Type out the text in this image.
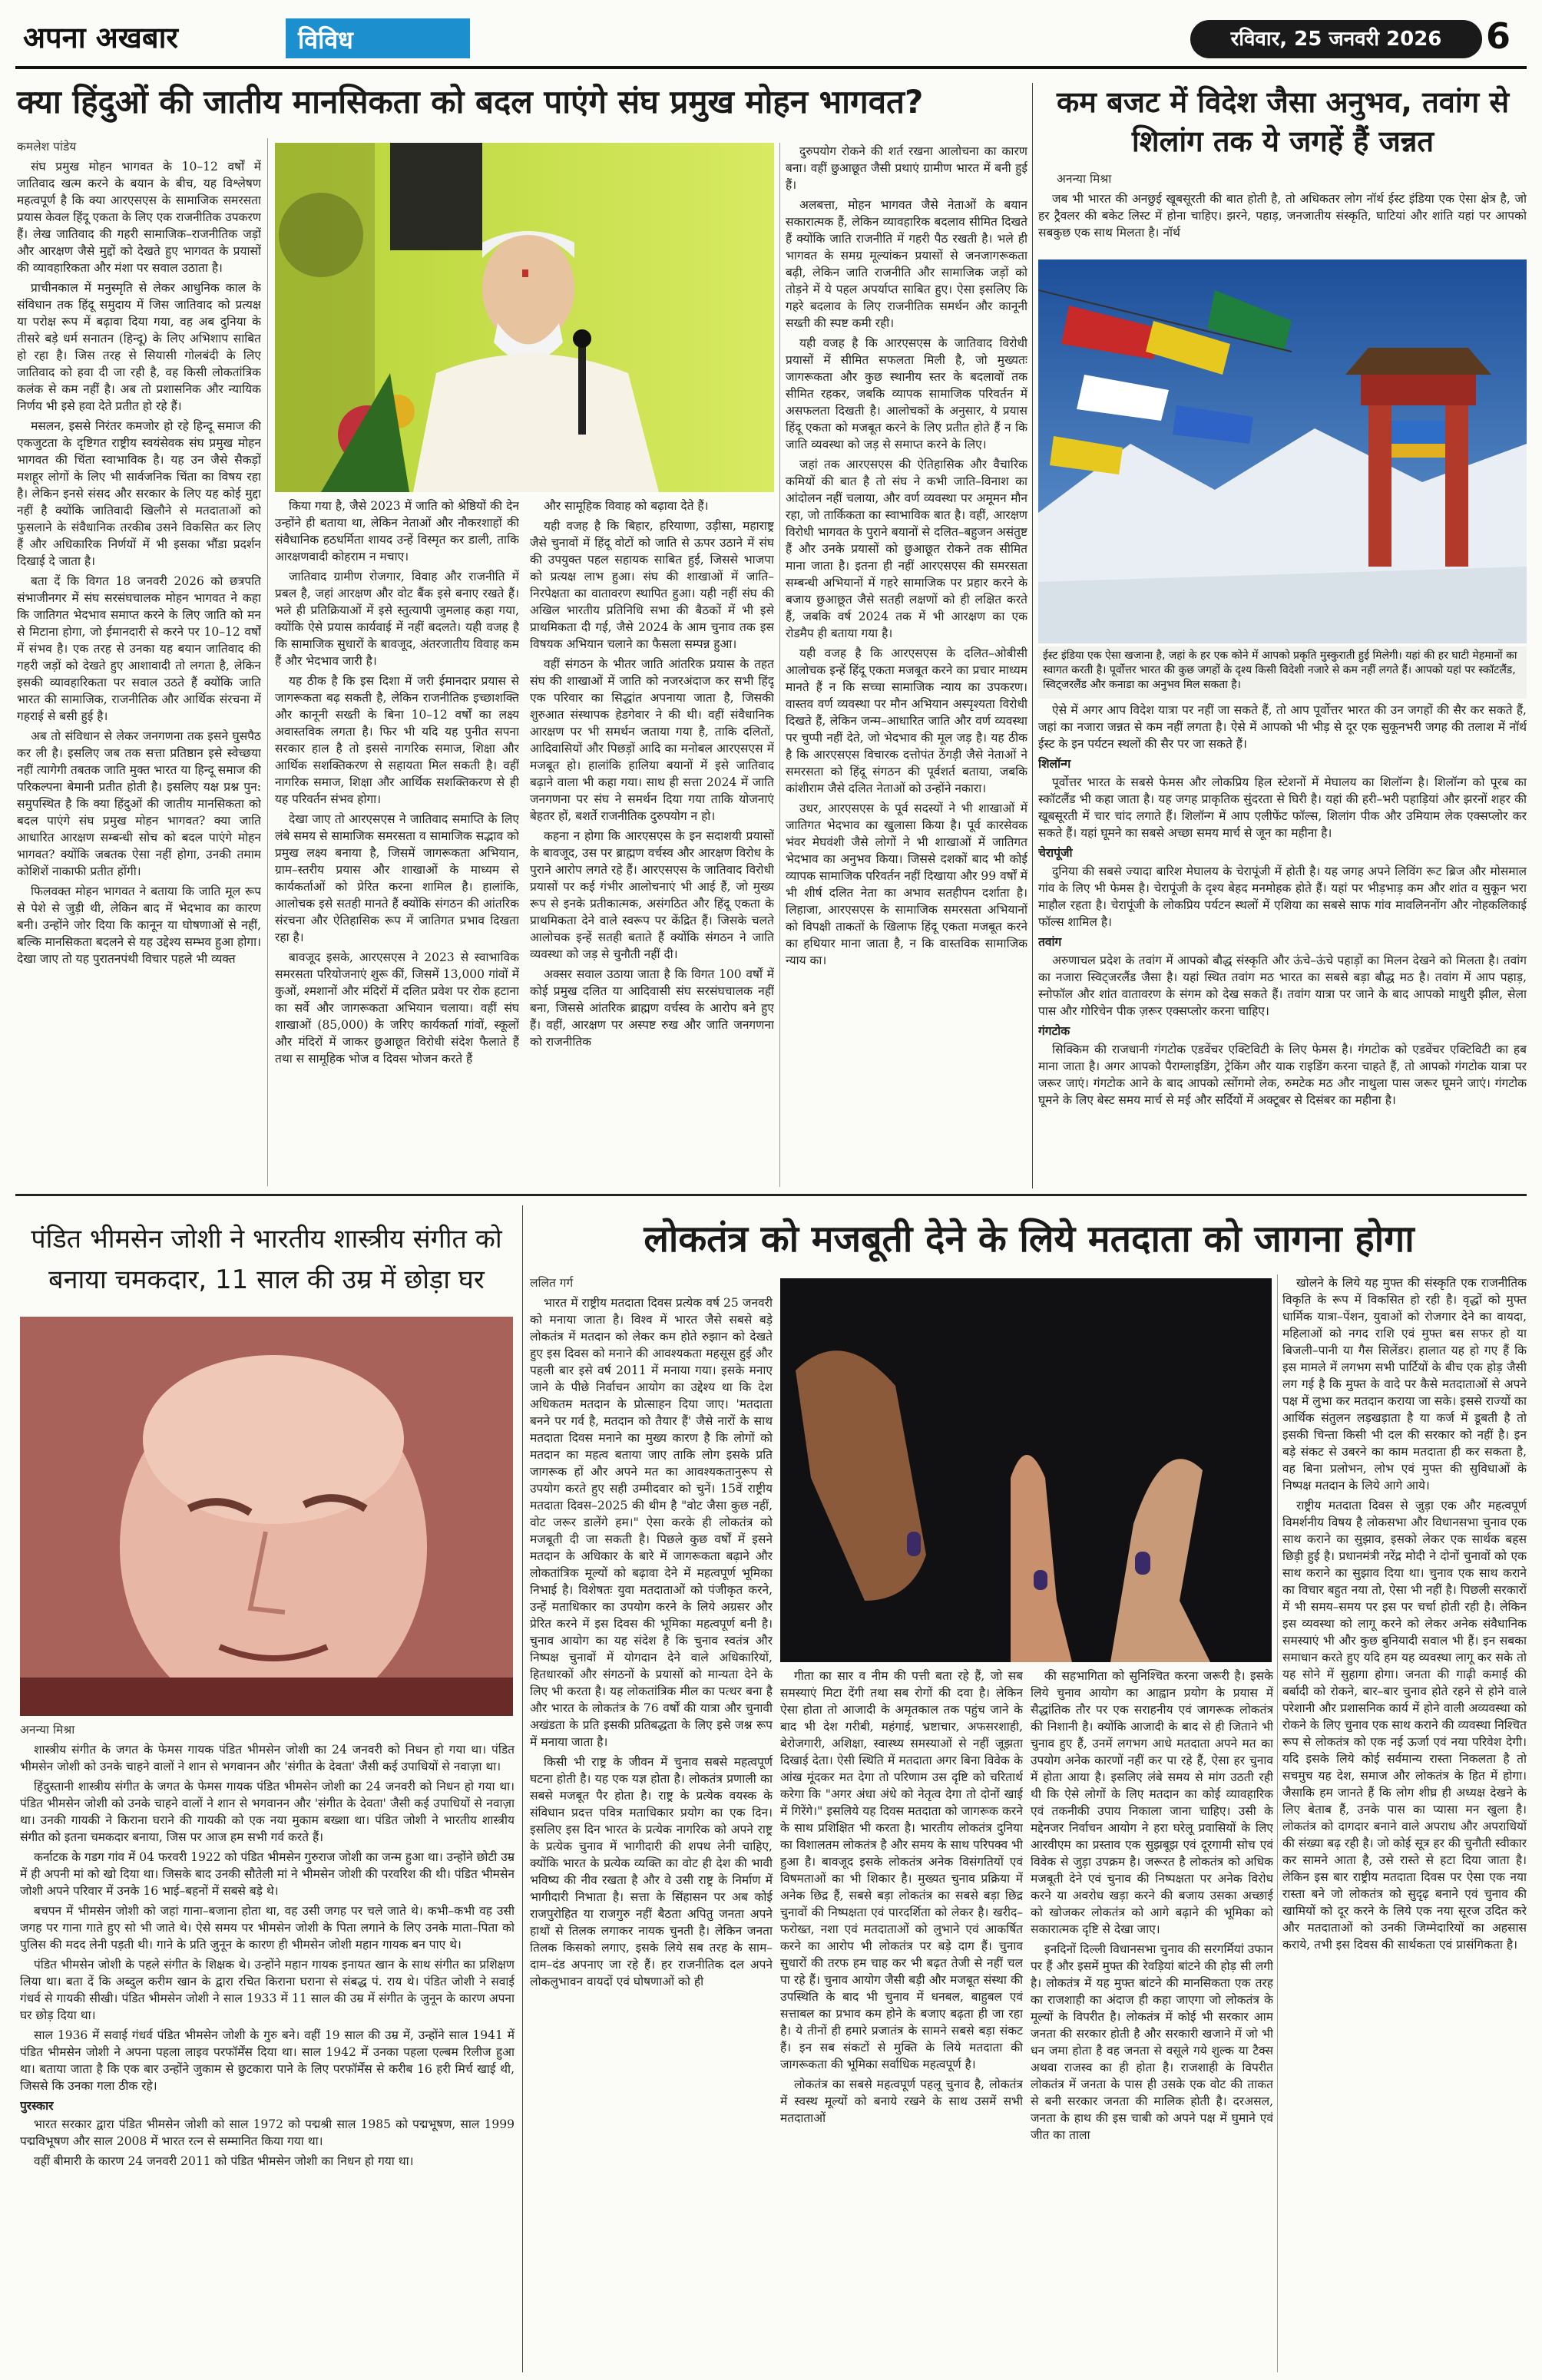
अपना अखबार	विविध	रविवार, 25 जनवरी 2026	6
क्या हिंदुओं की जातीय मानसिकता को बदल पाएंगे संघ प्रमुख मोहन भागवत?
कमलेश पांडेय

संघ प्रमुख मोहन भागवत के 10–12 वर्षों में जातिवाद खत्म करने के बयान के बीच, यह विश्लेषण महत्वपूर्ण है कि क्या आरएसएस के सामाजिक समरसता प्रयास केवल हिंदू एकता के लिए एक राजनीतिक उपकरण हैं। लेख जातिवाद की गहरी सामाजिक–राजनीतिक जड़ों और आरक्षण जैसे मुद्दों को देखते हुए भागवत के प्रयासों की व्यावहारिकता और मंशा पर सवाल उठाता है।

प्राचीनकाल में मनुस्मृति से लेकर आधुनिक काल के संविधान तक हिंदू समुदाय में जिस जातिवाद को प्रत्यक्ष या परोक्ष रूप में बढ़ावा दिया गया, वह अब दुनिया के तीसरे बड़े धर्म सनातन (हिन्दू) के लिए अभिशाप साबित हो रहा है। जिस तरह से सियासी गोलबंदी के लिए जातिवाद को हवा दी जा रही है, वह किसी लोकतांत्रिक कलंक से कम नहीं है। अब तो प्रशासनिक और न्यायिक निर्णय भी इसे हवा देते प्रतीत हो रहे हैं।

मसलन, इससे निरंतर कमजोर हो रहे हिन्दू समाज की एकजुटता के दृष्टिगत राष्ट्रीय स्वयंसेवक संघ प्रमुख मोहन भागवत की चिंता स्वाभाविक है। यह उन जैसे सैकड़ों मशहूर लोगों के लिए भी सार्वजनिक चिंता का विषय रहा है। लेकिन इनसे संसद और सरकार के लिए यह कोई मुद्दा नहीं है क्योंकि जातिवादी खिलौने से मतदाताओं को फुसलाने के संवैधानिक तरकीब उसने विकसित कर लिए हैं और अधिकारिक निर्णयों में भी इसका भौंडा प्रदर्शन दिखाई दे जाता है।

बता दें कि विगत 18 जनवरी 2026 को छत्रपति संभाजीनगर में संघ सरसंघचालक मोहन भागवत ने कहा कि जातिगत भेदभाव समाप्त करने के लिए जाति को मन से मिटाना होगा, जो ईमानदारी से करने पर 10–12 वर्षों में संभव है। एक तरह से उनका यह बयान जातिवाद की गहरी जड़ों को देखते हुए आशावादी तो लगता है, लेकिन इसकी व्यावहारिकता पर सवाल उठते हैं क्योंकि जाति भारत की सामाजिक, राजनीतिक और आर्थिक संरचना में गहराई से बसी हुई है।

अब तो संविधान से लेकर जनगणना तक इसने घुसपैठ कर ली है। इसलिए जब तक सत्ता प्रतिष्ठान इसे स्वेच्छया नहीं त्यागेगी तबतक जाति मुक्त भारत या हिन्दू समाज की परिकल्पना बेमानी प्रतीत होती है। इसलिए यक्ष प्रश्न पुन: समुपस्थित है कि क्या हिंदुओं की जातीय मानसिकता को बदल पाएंगे संघ प्रमुख मोहन भागवत? क्या जाति आधारित आरक्षण सम्बन्धी सोच को बदल पाएंगे मोहन भागवत? क्योंकि जबतक ऐसा नहीं होगा, उनकी तमाम कोशिशें नाकाफी प्रतीत होंगी।

फिलवक्त मोहन भागवत ने बताया कि जाति मूल रूप से पेशे से जुड़ी थी, लेकिन बाद में भेदभाव का कारण बनी। उन्होंने जोर दिया कि कानून या घोषणाओं से नहीं, बल्कि मानसिकता बदलने से यह उद्देश्य सम्भव हुआ होगा। देखा जाए तो यह पुरातनपंथी विचार पहले भी व्यक्त

किया गया है, जैसे 2023 में जाति को श्रेष्ठियों की देन उन्होंने ही बताया था, लेकिन नेताओं और नौकरशाहों की संवैधानिक हठधर्मिता शायद उन्हें विस्मृत कर डाली, ताकि आरक्षणवादी कोहराम न मचाए।

जातिवाद ग्रामीण रोजगार, विवाह और राजनीति में प्रबल है, जहां आरक्षण और वोट बैंक इसे बनाए रखते हैं। भले ही प्रतिक्रियाओं में इसे स्तुत्यापी जुमलाह कहा गया, क्योंकि ऐसे प्रयास कार्यवाई में नहीं बदलते। यही वजह है कि सामाजिक सुधारों के बावजूद, अंतरजातीय विवाह कम हैं और भेदभाव जारी है।

यह ठीक है कि इस दिशा में जरी ईमानदार प्रयास से जागरूकता बढ़ सकती है, लेकिन राजनीतिक इच्छाशक्ति और कानूनी सख्ती के बिना 10–12 वर्षों का लक्ष्य अवास्तविक लगता है। फिर भी यदि यह पुनीत सपना सरकार हाल है तो इससे नागरिक समाज, शिक्षा और आर्थिक सशक्तिकरण से सहायता मिल सकती है। वहीं नागरिक समाज, शिक्षा और आर्थिक सशक्तिकरण से ही यह परिवर्तन संभव होगा।

देखा जाए तो आरएसएस ने जातिवाद समाप्ति के लिए लंबे समय से सामाजिक समरसता व सामाजिक सद्भाव को प्रमुख लक्ष्य बनाया है, जिसमें जागरूकता अभियान, ग्राम–स्तरीय प्रयास और शाखाओं के माध्यम से कार्यकर्ताओं को प्रेरित करना शामिल है। हालांकि, आलोचक इसे सतही मानते हैं क्योंकि संगठन की आंतरिक संरचना और ऐतिहासिक रूप में जातिगत प्रभाव दिखता रहा है।

बावजूद इसके, आरएसएस ने 2023 से स्वाभाविक समरसता परियोजनाएं शुरू कीं, जिसमें 13,000 गांवों में कुओं, श्मशानों और मंदिरों में दलित प्रवेश पर रोक हटाना का सर्वे और जागरूकता अभियान चलाया। वहीं संघ शाखाओं (85,000) के जरिए कार्यकर्ता गांवों, स्कूलों और मंदिरों में जाकर छुआछूत विरोधी संदेश फैलाते हैं तथा स सामूहिक भोज व दिवस भोजन करते हैं

और सामूहिक विवाह को बढ़ावा देते हैं।

यही वजह है कि बिहार, हरियाणा, उड़ीसा, महाराष्ट्र जैसे चुनावों में हिंदू वोटों को जाति से ऊपर उठाने में संघ की उपयुक्त पहल सहायक साबित हुई, जिससे भाजपा को प्रत्यक्ष लाभ हुआ। संघ की शाखाओं में जाति–निरपेक्षता का वातावरण स्थापित हुआ। यही नहीं संघ की अखिल भारतीय प्रतिनिधि सभा की बैठकों में भी इसे प्राथमिकता दी गई, जैसे 2024 के आम चुनाव तक इस विषयक अभियान चलाने का फैसला सम्पन्न हुआ।

वहीं संगठन के भीतर जाति आंतरिक प्रयास के तहत संघ की शाखाओं में जाति को नजरअंदाज कर सभी हिंदू एक परिवार का सिद्धांत अपनाया जाता है, जिसकी शुरुआत संस्थापक हेडगेवार ने की थी। वहीं संवैधानिक आरक्षण पर भी समर्थन जताया गया है, ताकि दलितों, आदिवासियों और पिछड़ों आदि का मनोबल आरएसएस में मजबूत हो। हालांकि हालिया बयानों में इसे जातिवाद बढ़ाने वाला भी कहा गया। साथ ही सत्ता 2024 में जाति जनगणना पर संघ ने समर्थन दिया गया ताकि योजनाएं बेहतर हों, बशर्ते राजनीतिक दुरुपयोग न हो।

कहना न होगा कि आरएसएस के इन सदाशयी प्रयासों के बावजूद, उस पर ब्राह्मण वर्चस्व और आरक्षण विरोध के पुराने आरोप लगते रहे हैं। आरएसएस के जातिवाद विरोधी प्रयासों पर कई गंभीर आलोचनाएं भी आई हैं, जो मुख्य रूप से इनके प्रतीकात्मक, असंगठित और हिंदू एकता के प्राथमिकता देने वाले स्वरूप पर केंद्रित हैं। जिसके चलते आलोचक इन्हें सतही बताते हैं क्योंकि संगठन ने जाति व्यवस्था को जड़ से चुनौती नहीं दी।

अक्सर सवाल उठाया जाता है कि विगत 100 वर्षों में कोई प्रमुख दलित या आदिवासी संघ सरसंघचालक नहीं बना, जिससे आंतरिक ब्राह्मण वर्चस्व के आरोप बने हुए हैं। वहीं, आरक्षण पर अस्पष्ट रुख और जाति जनगणना को राजनीतिक

दुरुपयोग रोकने की शर्त रखना आलोचना का कारण बना। वहीं छुआछूत जैसी प्रथाएं ग्रामीण भारत में बनी हुई हैं।

अलबत्ता, मोहन भागवत जैसे नेताओं के बयान सकारात्मक हैं, लेकिन व्यावहारिक बदलाव सीमित दिखते हैं क्योंकि जाति राजनीति में गहरी पैठ रखती है। भले ही भागवत के समग्र मूल्यांकन प्रयासों से जनजागरूकता बढ़ी, लेकिन जाति राजनीति और सामाजिक जड़ों को तोड़ने में ये पहल अपर्याप्त साबित हुए। ऐसा इसलिए कि गहरे बदलाव के लिए राजनीतिक समर्थन और कानूनी सख्ती की स्पष्ट कमी रही।

यही वजह है कि आरएसएस के जातिवाद विरोधी प्रयासों में सीमित सफलता मिली है, जो मुख्यतः जागरूकता और कुछ स्थानीय स्तर के बदलावों तक सीमित रहकर, जबकि व्यापक सामाजिक परिवर्तन में असफलता दिखती है। आलोचकों के अनुसार, ये प्रयास हिंदू एकता को मजबूत करने के लिए प्रतीत होते हैं न कि जाति व्यवस्था को जड़ से समाप्त करने के लिए।

जहां तक आरएसएस की ऐतिहासिक और वैचारिक कमियों की बात है तो संघ ने कभी जाति–विनाश का आंदोलन नहीं चलाया, और वर्ण व्यवस्था पर अमूमन मौन रहा, जो तार्किकता का स्वाभाविक बात है। वहीं, आरक्षण विरोधी भागवत के पुराने बयानों से दलित–बहुजन असंतुष्ट हैं और उनके प्रयासों को छुआछूत रोकने तक सीमित माना जाता है। इतना ही नहीं आरएसएस की समरसता सम्बन्धी अभियानों में गहरे सामाजिक पर प्रहार करने के बजाय छुआछूत जैसे सतही लक्षणों को ही लक्षित करते हैं, जबकि वर्ष 2024 तक में भी आरक्षण का एक रोडमैप ही बताया गया है।

यही वजह है कि आरएसएस के दलित–ओबीसी आलोचक इन्हें हिंदू एकता मजबूत करने का प्रचार माध्यम मानते हैं न कि सच्चा सामाजिक न्याय का उपकरण। वास्तव वर्ण व्यवस्था पर मौन अभियान अस्पृश्यता विरोधी दिखते हैं, लेकिन जन्म–आधारित जाति और वर्ण व्यवस्था पर चुप्पी नहीं देते, जो भेदभाव की मूल जड़ है। यह ठीक है कि आरएसएस विचारक दत्तोपंत ठेंगड़ी जैसे नेताओं ने समरसता को हिंदू संगठन की पूर्वशर्त बताया, जबकि कांशीराम जैसे दलित नेताओं को उन्होंने नकारा।

उधर, आरएसएस के पूर्व सदस्यों ने भी शाखाओं में जातिगत भेदभाव का खुलासा किया है। पूर्व कारसेवक भंवर मेघवंशी जैसे लोगों ने भी शाखाओं में जातिगत भेदभाव का अनुभव किया। जिससे दशकों बाद भी कोई व्यापक सामाजिक परिवर्तन नहीं दिखाया और 99 वर्षों में भी शीर्ष दलित नेता का अभाव सतहीपन दर्शाता है। लिहाजा, आरएसएस के सामाजिक समरसता अभियानों को विपक्षी ताकतों के खिलाफ हिंदू एकता मजबूत करने का हथियार माना जाता है, न कि वास्तविक सामाजिक न्याय का।

कम बजट में विदेश जैसा अनुभव, तवांग से शिलांग तक ये जगहें हैं जन्नत
अनन्या मिश्रा

जब भी भारत की अनछुई खूबसूरती की बात होती है, तो अधिकतर लोग नॉर्थ ईस्ट इंडिया एक ऐसा क्षेत्र है, जो हर ट्रैवलर की बकेट लिस्ट में होना चाहिए। झरने, पहाड़, जनजातीय संस्कृति, घाटियां और शांति यहां पर आपको सबकुछ एक साथ मिलता है। नॉर्थ

ईस्ट इंडिया एक ऐसा खजाना है, जहां के हर एक कोने में आपको प्रकृति मुस्कुराती हुई मिलेगी। यहां की हर घाटी मेहमानों का स्वागत करती है। पूर्वोत्तर भारत की कुछ जगहों के दृश्य किसी विदेशी नजारे से कम नहीं लगते हैं। आपको यहां पर स्कॉटलैंड, स्विट्जरलैंड और कनाडा का अनुभव मिल सकता है।

ऐसे में अगर आप विदेश यात्रा पर नहीं जा सकते हैं, तो आप पूर्वोत्तर भारत की उन जगहों की सैर कर सकते हैं, जहां का नजारा जन्नत से कम नहीं लगता है। ऐसे में आपको भी भीड़ से दूर एक सुकूनभरी जगह की तलाश में नॉर्थ ईस्ट के इन पर्यटन स्थलों की सैर पर जा सकते हैं।

शिलॉन्ग

पूर्वोत्तर भारत के सबसे फेमस और लोकप्रिय हिल स्टेशनों में मेघालय का शिलॉन्ग है। शिलॉन्ग को पूरब का स्कॉटलैंड भी कहा जाता है। यह जगह प्राकृतिक सुंदरता से घिरी है। यहां की हरी–भरी पहाड़ियां और झरनों शहर की खूबसूरती में चार चांद लगाते हैं। शिलॉन्ग में आप एलीफेंट फॉल्स, शिलांग पीक और उमियाम लेक एक्सप्लोर कर सकते हैं। यहां घूमने का सबसे अच्छा समय मार्च से जून का महीना है।

चेरापूंजी

दुनिया की सबसे ज्यादा बारिश मेघालय के चेरापूंजी में होती है। यह जगह अपने लिविंग रूट ब्रिज और मोसमाल गांव के लिए भी फेमस है। चेरापूंजी के दृश्य बेहद मनमोहक होते हैं। यहां पर भीड़भाड़ कम और शांत व सुकून भरा माहौल रहता है। चेरापूंजी के लोकप्रिय पर्यटन स्थलों में एशिया का सबसे साफ गांव मावलिननोंग और नोहकलिकाई फॉल्स शामिल है।

तवांग

अरुणाचल प्रदेश के तवांग में आपको बौद्ध संस्कृति और ऊंचे–ऊंचे पहाड़ों का मिलन देखने को मिलता है। तवांग का नजारा स्विट्जरलैंड जैसा है। यहां स्थित तवांग मठ भारत का सबसे बड़ा बौद्ध मठ है। तवांग में आप पहाड़, स्नोफॉल और शांत वातावरण के संगम को देख सकते हैं। तवांग यात्रा पर जाने के बाद आपको माधुरी झील, सेला पास और गोरिचेन पीक ज़रूर एक्सप्लोर करना चाहिए।

गंगटोक

सिक्किम की राजधानी गंगटोक एडवेंचर एक्टिविटी के लिए फेमस है। गंगटोक को एडवेंचर एक्टिविटी का हब माना जाता है। अगर आपको पैराग्लाइडिंग, ट्रेकिंग और याक राइडिंग करना चाहते हैं, तो आपको गंगटोक यात्रा पर जरूर जाएं। गंगटोक आने के बाद आपको त्सोंगमो लेक, रुमटेक मठ और नाथुला पास जरूर घूमने जाएं। गंगटोक घूमने के लिए बेस्ट समय मार्च से मई और सर्दियों में अक्टूबर से दिसंबर का महीना है।

पंडित भीमसेन जोशी ने भारतीय शास्त्रीय संगीत को बनाया चमकदार, 11 साल की उम्र में छोड़ा घर
अनन्या मिश्रा

शास्त्रीय संगीत के जगत के फेमस गायक पंडित भीमसेन जोशी का 24 जनवरी को निधन हो गया था। पंडित भीमसेन जोशी को उनके चाहने वालों ने शान से भगवानन और 'संगीत के देवता' जैसी कई उपाधियों से नवाज़ा था।

हिंदुस्तानी शास्त्रीय संगीत के जगत के फेमस गायक पंडित भीमसेन जोशी का 24 जनवरी को निधन हो गया था। पंडित भीमसेन जोशी को उनके चाहने वालों ने शान से भगवानन और 'संगीत के देवता' जैसी कई उपाधियों से नवाज़ा था। उनकी गायकी ने किराना घराने की गायकी को एक नया मुकाम बख्शा था। पंडित जोशी ने भारतीय शास्त्रीय संगीत को इतना चमकदार बनाया, जिस पर आज हम सभी गर्व करते हैं।

कर्नाटक के गडग गांव में 04 फरवरी 1922 को पंडित भीमसेन गुरुराज जोशी का जन्म हुआ था। उन्होंने छोटी उम्र में ही अपनी मां को खो दिया था। जिसके बाद उनकी सौतेली मां ने भीमसेन जोशी की परवरिश की थी। पंडित भीमसेन जोशी अपने परिवार में उनके 16 भाई–बहनों में सबसे बड़े थे।

बचपन में भीमसेन जोशी को जहां गाना–बजाना होता था, वह उसी जगह पर चले जाते थे। कभी–कभी वह उसी जगह पर गाना गाते हुए सो भी जाते थे। ऐसे समय पर भीमसेन जोशी के पिता लगाने के लिए उनके माता–पिता को पुलिस की मदद लेनी पड़ती थी। गाने के प्रति जुनून के कारण ही भीमसेन जोशी महान गायक बन पाए थे।

पंडित भीमसेन जोशी के पहले संगीत के शिक्षक थे। उन्होंने महान गायक इनायत खान के साथ संगीत का प्रशिक्षण लिया था। बता दें कि अब्दुल करीम खान के द्वारा रचित किराना घराना से संबद्ध पं. राय थे। पंडित जोशी ने सवाई गंधर्व से गायकी सीखी। पंडित भीमसेन जोशी ने साल 1933 में 11 साल की उम्र में संगीत के जुनून के कारण अपना घर छोड़ दिया था।

साल 1936 में सवाई गंधर्व पंडित भीमसेन जोशी के गुरु बने। वहीं 19 साल की उम्र में, उन्होंने साल 1941 में पंडित भीमसेन जोशी ने अपना पहला लाइव परफॉर्मेंस दिया था। साल 1942 में उनका पहला एल्बम रिलीज हुआ था। बताया जाता है कि एक बार उन्होंने जुकाम से छुटकारा पाने के लिए परफॉर्मेंस से करीब 16 हरी मिर्च खाई थी, जिससे कि उनका गला ठीक रहे।

पुरस्कार

भारत सरकार द्वारा पंडित भीमसेन जोशी को साल 1972 को पद्मश्री साल 1985 को पद्मभूषण, साल 1999 पद्मविभूषण और साल 2008 में भारत रत्न से सम्मानित किया गया था।

वहीं बीमारी के कारण 24 जनवरी 2011 को पंडित भीमसेन जोशी का निधन हो गया था।

लोकतंत्र को मजबूती देने के लिये मतदाता को जागना होगा
ललित गर्ग

भारत में राष्ट्रीय मतदाता दिवस प्रत्येक वर्ष 25 जनवरी को मनाया जाता है। विश्व में भारत जैसे सबसे बड़े लोकतंत्र में मतदान को लेकर कम होते रुझान को देखते हुए इस दिवस को मनाने की आवश्यकता महसूस हुई और पहली बार इसे वर्ष 2011 में मनाया गया। इसके मनाए जाने के पीछे निर्वाचन आयोग का उद्देश्य था कि देश अधिकतम मतदान के प्रोत्साहन दिया जाए। 'मतदाता बनने पर गर्व है, मतदान को तैयार हैं' जैसे नारों के साथ मतदाता दिवस मनाने का मुख्य कारण है कि लोगों को मतदान का महत्व बताया जाए ताकि लोग इसके प्रति जागरूक हों और अपने मत का आवश्यकतानुरूप से उपयोग करते हुए सही उम्मीदवार को चुनें। 15वें राष्ट्रीय मतदाता दिवस–2025 की थीम है "वोट जैसा कुछ नहीं, वोट जरूर डालेंगे हम।" ऐसा करके ही लोकतंत्र को मजबूती दी जा सकती है। पिछले कुछ वर्षों में इसने मतदान के अधिकार के बारे में जागरूकता बढ़ाने और लोकतांत्रिक मूल्यों को बढ़ावा देने में महत्वपूर्ण भूमिका निभाई है। विशेषतः युवा मतदाताओं को पंजीकृत करने, उन्हें मताधिकार का उपयोग करने के लिये अग्रसर और प्रेरित करने में इस दिवस की भूमिका महत्वपूर्ण बनी है। चुनाव आयोग का यह संदेश है कि चुनाव स्वतंत्र और निष्पक्ष चुनावों में योगदान देने वाले अधिकारियों, हितधारकों और संगठनों के प्रयासों को मान्यता देने के लिए भी करता है। यह लोकतांत्रिक मील का पत्थर बना है और भारत के लोकतंत्र के 76 वर्षों की यात्रा और चुनावी अखंडता के प्रति इसकी प्रतिबद्धता के लिए इसे जश्न रूप में मनाया जाता है।

किसी भी राष्ट्र के जीवन में चुनाव सबसे महत्वपूर्ण घटना होती है। यह एक यज्ञ होता है। लोकतंत्र प्रणाली का सबसे मजबूत पैर होता है। राष्ट्र के प्रत्येक वयस्क के संविधान प्रदत्त पवित्र मताधिकार प्रयोग का एक दिन। इसलिए इस दिन भारत के प्रत्येक नागरिक को अपने राष्ट्र के प्रत्येक चुनाव में भागीदारी की शपथ लेनी चाहिए, क्योंकि भारत के प्रत्येक व्यक्ति का वोट ही देश की भावी भविष्य की नीव रखता है और वे उसी राष्ट्र के निर्माण में भागीदारी निभाता है। सत्ता के सिंहासन पर अब कोई राजपुरोहित या राजगुरु नहीं बैठता अपितु जनता अपने हाथों से तिलक लगाकर नायक चुनती है। लेकिन जनता तिलक किसको लगाए, इसके लिये सब तरह के साम–दाम–दंड अपनाए जा रहे हैं। हर राजनीतिक दल अपने लोकलुभावन वायदों एवं घोषणाओं को ही

गीता का सार व नीम की पत्ती बता रहे हैं, जो सब समस्याएं मिटा देंगी तथा सब रोगों की दवा है। लेकिन ऐसा होता तो आजादी के अमृतकाल तक पहुंच जाने के बाद भी देश गरीबी, महंगाई, भ्रष्टाचार, अफसरशाही, बेरोजगारी, अशिक्षा, स्वास्थ्य समस्याओं से नहीं जूझता दिखाई देता। ऐसी स्थिति में मतदाता अगर बिना विवेक के आंख मूंदकर मत देगा तो परिणाम उस दृष्टि को चरितार्थ करेगा कि "अगर अंधा अंधे को नेतृत्व देगा तो दोनों खाई में गिरेंगे।" इसलिये यह दिवस मतदाता को जागरूक करने के साथ प्रशिक्षित भी करता है। भारतीय लोकतंत्र दुनिया का विशालतम लोकतंत्र है और समय के साथ परिपक्व भी हुआ है। बावजूद इसके लोकतंत्र अनेक विसंगतियों एवं विषमताओं का भी शिकार है। मुख्यत चुनाव प्रक्रिया में अनेक छिद्र हैं, सबसे बड़ा लोकतंत्र का सबसे बड़ा छिद्र चुनावों की निष्पक्षता एवं पारदर्शिता को लेकर है। खरीद–फरोख्त, नशा एवं मतदाताओं को लुभाने एवं आकर्षित करने का आरोप भी लोकतंत्र पर बड़े दाग हैं। चुनाव सुधारों की तरफ हम चाह कर भी बढ़त तेजी से नहीं चल पा रहे हैं। चुनाव आयोग जैसी बड़ी और मजबूत संस्था की उपस्थिति के बाद भी चुनाव में धनबल, बाहुबल एवं सत्ताबल का प्रभाव कम होने के बजाए बढ़ता ही जा रहा है। ये तीनों ही हमारे प्रजातंत्र के सामने सबसे बड़ा संकट हैं। इन सब संकटों से मुक्ति के लिये मतदाता की जागरूकता की भूमिका सर्वाधिक महत्वपूर्ण है।

लोकतंत्र का सबसे महत्वपूर्ण पहलू चुनाव है, लोकतंत्र में स्वस्थ मूल्यों को बनाये रखने के साथ उसमें सभी मतदाताओं

की सहभागिता को सुनिश्चित करना जरूरी है। इसके लिये चुनाव आयोग का आह्वान प्रयोग के प्रयास में सैद्धांतिक तौर पर एक सराहनीय एवं जागरूक लोकतंत्र की निशानी है। क्योंकि आजादी के बाद से ही जिताने भी चुनाव हुए हैं, उनमें लगभग आधे मतदाता अपने मत का उपयोग अनेक कारणों नहीं कर पा रहे हैं, ऐसा हर चुनाव में होता आया है। इसलिए लंबे समय से मांग उठती रही थी कि ऐसे लोगों के लिए मतदान का कोई व्यावहारिक एवं तकनीकी उपाय निकाला जाना चाहिए। उसी के मद्देनजर निर्वाचन आयोग ने हरा घरेलू प्रवासियों के लिए आरवीएम का प्रस्ताव एक सुझबूझ एवं दूरगामी सोच एवं विवेक से जुड़ा उपक्रम है। जरूरत है लोकतंत्र को अधिक मजबूती देने एवं चुनाव की निष्पक्षता पर अनेक विरोध करने या अवरोध खड़ा करने की बजाय उसका अच्छाई को खोजकर लोकतंत्र को आगे बढ़ाने की भूमिका को सकारात्मक दृष्टि से देखा जाए।

इनदिनों दिल्ली विधानसभा चुनाव की सरगर्मियां उफान पर हैं और इसमें मुफ्त की रेवड़ियां बांटने की होड़ सी लगी है। लोकतंत्र में यह मुफ्त बांटने की मानसिकता एक तरह का राजशाही का अंदाज ही कहा जाएगा जो लोकतंत्र के मूल्यों के विपरीत है। लोकतंत्र में कोई भी सरकार आम जनता की सरकार होती है और सरकारी खजाने में जो भी धन जमा होता है वह जनता से वसूले गये शुल्क या टैक्स अथवा राजस्व का ही होता है। राजशाही के विपरीत लोकतंत्र में जनता के पास ही उसके एक वोट की ताकत से बनी सरकार जनता की मालिक होती है। दरअसल, जनता के हाथ की इस चाबी को अपने पक्ष में घुमाने एवं जीत का ताला

खोलने के लिये यह मुफ्त की संस्कृति एक राजनीतिक विकृति के रूप में विकसित हो रही है। वृद्धों को मुफ्त धार्मिक यात्रा–पेंशन, युवाओं को रोजगार देने का वायदा, महिलाओं को नगद राशि एवं मुफ्त बस सफर हो या बिजली–पानी या गैस सिलेंडर। हालात यह हो गए हैं कि इस मामले में लगभग सभी पार्टियों के बीच एक होड़ जैसी लग गई है कि मुफ्त के वादे पर कैसे मतदाताओं से अपने पक्ष में लुभा कर मतदान कराया जा सके। इससे राज्यों का आर्थिक संतुलन लड़खड़ाता है या कर्ज में डूबती है तो इसकी चिन्ता किसी भी दल की सरकार को नहीं है। इन बड़े संकट से उबरने का काम मतदाता ही कर सकता है, वह बिना प्रलोभन, लोभ एवं मुफ्त की सुविधाओं के निष्पक्ष मतदान के लिये आगे आये।

राष्ट्रीय मतदाता दिवस से जुड़ा एक और महत्वपूर्ण विमर्शनीय विषय है लोकसभा और विधानसभा चुनाव एक साथ कराने का सुझाव, इसको लेकर एक सार्थक बहस छिड़ी हुई है। प्रधानमंत्री नरेंद्र मोदी ने दोनों चुनावों को एक साथ कराने का सुझाव दिया था। चुनाव एक साथ कराने का विचार बहुत नया तो, ऐसा भी नहीं है। पिछली सरकारों में भी समय–समय पर इस पर चर्चा होती रही है। लेकिन इस व्यवस्था को लागू करने को लेकर अनेक संवैधानिक समस्याएं भी और कुछ बुनियादी सवाल भी हैं। इन सबका समाधान करते हुए यदि हम यह व्यवस्था लागू कर सके तो यह सोने में सुहागा होगा। जनता की गाढ़ी कमाई की बर्बादी को रोकने, बार–बार चुनाव होते रहने से होने वाले परेशानी और प्रशासनिक कार्य में होने वाली अव्यवस्था को रोकने के लिए चुनाव एक साथ कराने की व्यवस्था निश्चित रूप से लोकतंत्र को एक नई ऊर्जा एवं नया परिवेश देगी। यदि इसके लिये कोई सर्वमान्य रास्ता निकलता है तो सचमुच यह देश, समाज और लोकतंत्र के हित में होगा। जैसाकि हम जानते हैं कि लोग शीघ्र ही अध्यक्ष देखने के लिए बेताब हैं, उनके पास का प्यासा मन खुला है। लोकतंत्र को दागदार बनाने वाले अपराध और अपराधियों की संख्या बढ़ रही है। जो कोई सूत्र हर की चुनौती स्वीकार कर सामने आता है, उसे रास्ते से हटा दिया जाता है। लेकिन इस बार राष्ट्रीय मतदाता दिवस पर ऐसा एक नया रास्ता बने जो लोकतंत्र को सुदृढ़ बनाने एवं चुनाव की खामियों को दूर करने के लिये एक नया सूरज उदित करे और मतदाताओं को उनकी जिम्मेदारियों का अहसास कराये, तभी इस दिवस की सार्थकता एवं प्रासंगिकता है।
